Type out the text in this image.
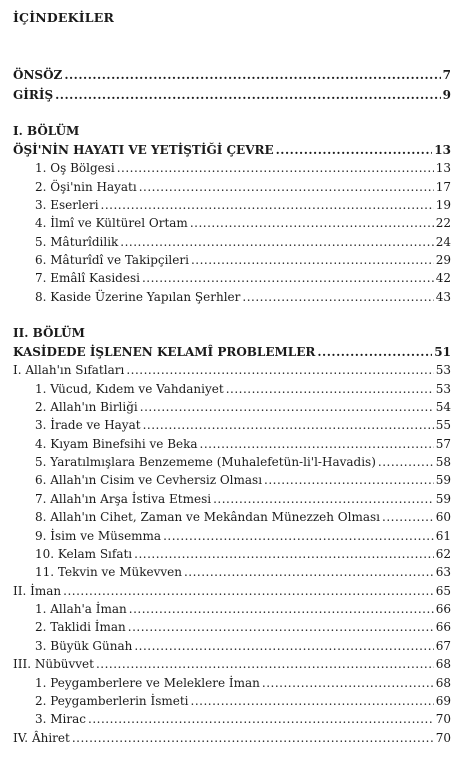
İÇİNDEKİLER
ÖNSÖZ .....	7
GİRİŞ .....	9
I. BÖLÜM
ÖŞİ'NİN HAYATI VE YETİŞTİĞİ ÇEVRE .....	13
1. Oş Bölgesi .....	13
2. Öşi'nin Hayatı .....	17
3. Eserleri .....	19
4. İlmî ve Kültürel Ortam .....	22
5. Mâturîdilik .....	24
6. Mâturîdî ve Takipçileri .....	29
7. Emâlî Kasidesi .....	42
8. Kaside Üzerine Yapılan Şerhler .....	43
II. BÖLÜM
KASİDEDE İŞLENEN KELAMÎ PROBLEMLER .....	51
I. Allah'ın Sıfatları .....	53
1. Vücud, Kıdem ve Vahdaniyet .....	53
2. Allah'ın Birliği .....	54
3. İrade ve Hayat .....	55
4. Kıyam Binefsihi ve Beka .....	57
5. Yaratılmışlara Benzememe (Muhalefetün-li'l-Havadis) .....	58
6. Allah'ın Cisim ve Cevhersiz Olması .....	59
7. Allah'ın Arşa İstiva Etmesi .....	59
8. Allah'ın Cihet, Zaman ve Mekândan Münezzeh Olması .....	60
9. İsim ve Müsemma .....	61
10. Kelam Sıfatı .....	62
11. Tekvin ve Mükevven .....	63
II. İman .....	65
1. Allah'a İman .....	66
2. Taklidi İman .....	66
3. Büyük Günah .....	67
III. Nübüvvet .....	68
1. Peygamberlere ve Meleklere İman .....	68
2. Peygamberlerin İsmeti .....	69
3. Mirac .....	70
IV. Âhiret .....	70
